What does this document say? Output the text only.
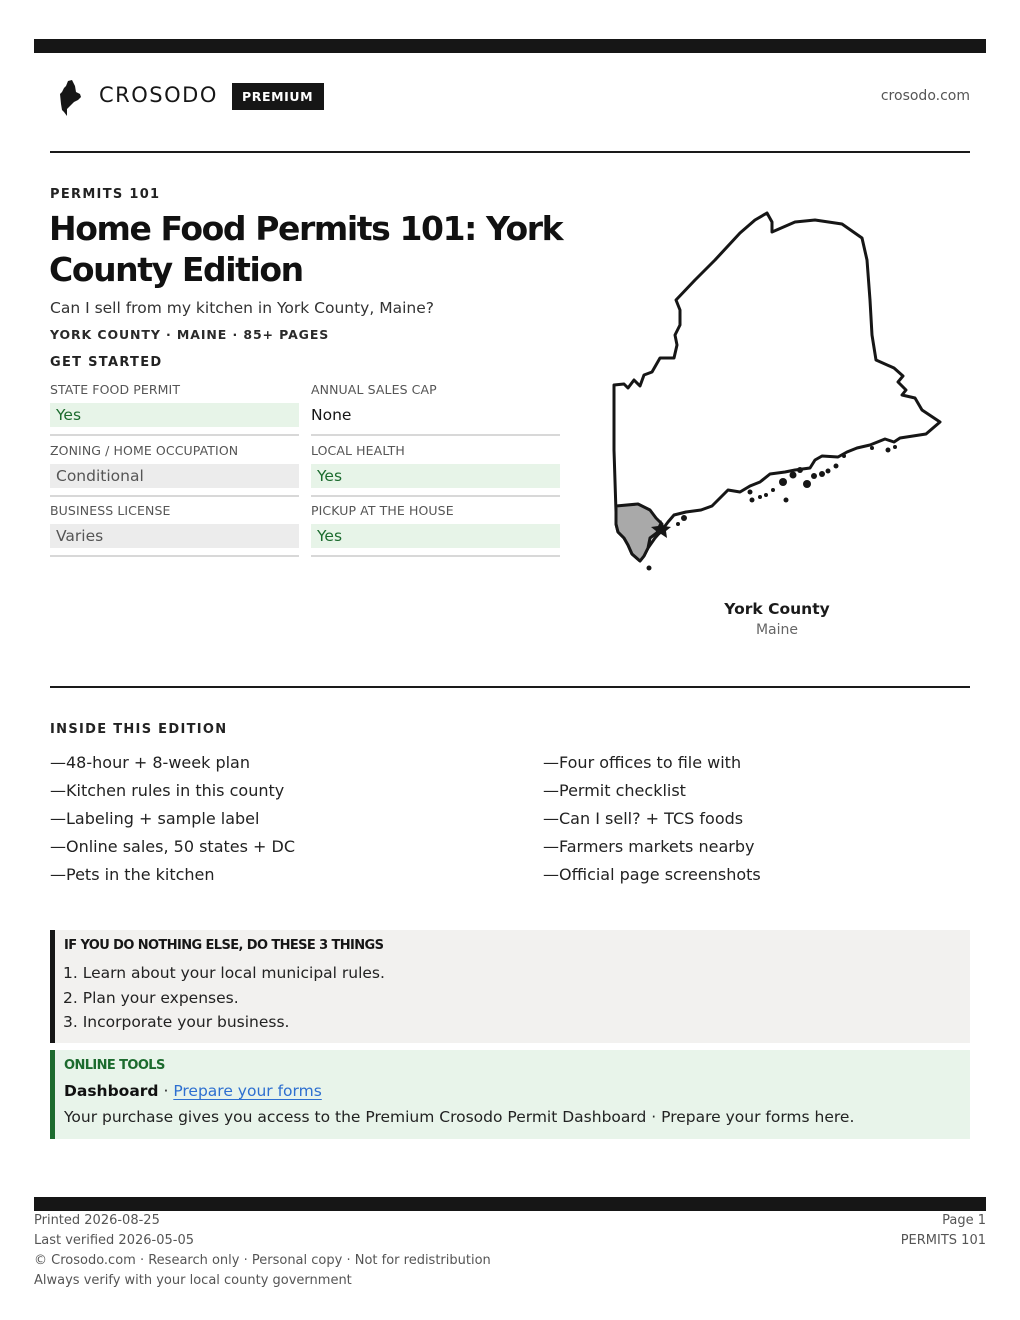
CROSODO	PREMIUM	crosodo.com
PERMITS 101
Home Food Permits 101: York County Edition
Can I sell from my kitchen in York County, Maine?
YORK COUNTY · MAINE · 85+ PAGES
GET STARTED
STATE FOOD PERMIT
Yes
ANNUAL SALES CAP
None
ZONING / HOME OCCUPATION
Conditional
LOCAL HEALTH
Yes
BUSINESS LICENSE
Varies
PICKUP AT THE HOUSE
Yes
York County
Maine
INSIDE THIS EDITION
—48-hour + 8-week plan
—Kitchen rules in this county
—Labeling + sample label
—Online sales, 50 states + DC
—Pets in the kitchen
—Four offices to file with
—Permit checklist
—Can I sell? + TCS foods
—Farmers markets nearby
—Official page screenshots
IF YOU DO NOTHING ELSE, DO THESE 3 THINGS
1. Learn about your local municipal rules.
2. Plan your expenses.
3. Incorporate your business.
ONLINE TOOLS
Dashboard · Prepare your forms
Your purchase gives you access to the Premium Crosodo Permit Dashboard · Prepare your forms here.
Printed 2026-08-25
Last verified 2026-05-05
© Crosodo.com · Research only · Personal copy · Not for redistribution
Always verify with your local county government
Page 1
PERMITS 101
